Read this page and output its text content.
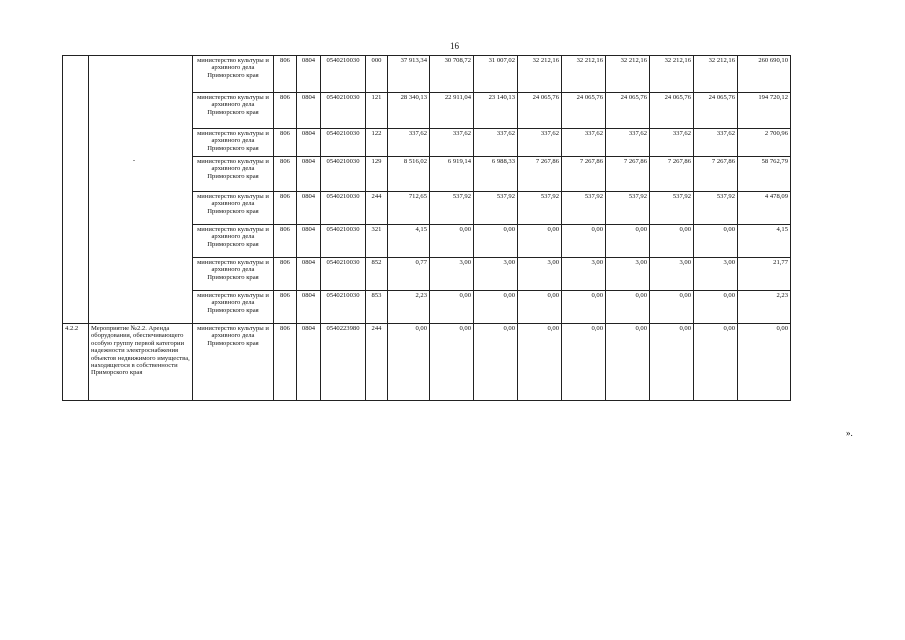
16
».
		министерство культуры и архивного дела Приморского края	806	0804	0540210030	000	37 913,34	30 708,72	31 007,02	32 212,16	32 212,16	32 212,16	32 212,16	32 212,16	260 690,10
		министерство культуры и архивного дела Приморского края	806	0804	0540210030	121	28 340,13	22 911,04	23 140,13	24 065,76	24 065,76	24 065,76	24 065,76	24 065,76	194 720,12
		министерство культуры и архивного дела Приморского края	806	0804	0540210030	122	337,62	337,62	337,62	337,62	337,62	337,62	337,62	337,62	2 700,96
		министерство культуры и архивного дела Приморского края	806	0804	0540210030	129	8 516,02	6 919,14	6 988,33	7 267,86	7 267,86	7 267,86	7 267,86	7 267,86	58 762,79
		министерство культуры и архивного дела Приморского края	806	0804	0540210030	244	712,65	537,92	537,92	537,92	537,92	537,92	537,92	537,92	4 478,09
		министерство культуры и архивного дела Приморского края	806	0804	0540210030	321	4,15	0,00	0,00	0,00	0,00	0,00	0,00	0,00	4,15
		министерство культуры и архивного дела Приморского края	806	0804	0540210030	852	0,77	3,00	3,00	3,00	3,00	3,00	3,00	3,00	21,77
		министерство культуры и архивного дела Приморского края	806	0804	0540210030	853	2,23	0,00	0,00	0,00	0,00	0,00	0,00	0,00	2,23
4.2.2	Мероприятие №2.2. Аренда оборудования, обеспечивающего особую группу первой категории надежности электроснабжения объектов недвижимого имущества, находящегося в собственности Приморского края	министерство культуры и архивного дела Приморского края	806	0804	0540223980	244	0,00	0,00	0,00	0,00	0,00	0,00	0,00	0,00	0,00
